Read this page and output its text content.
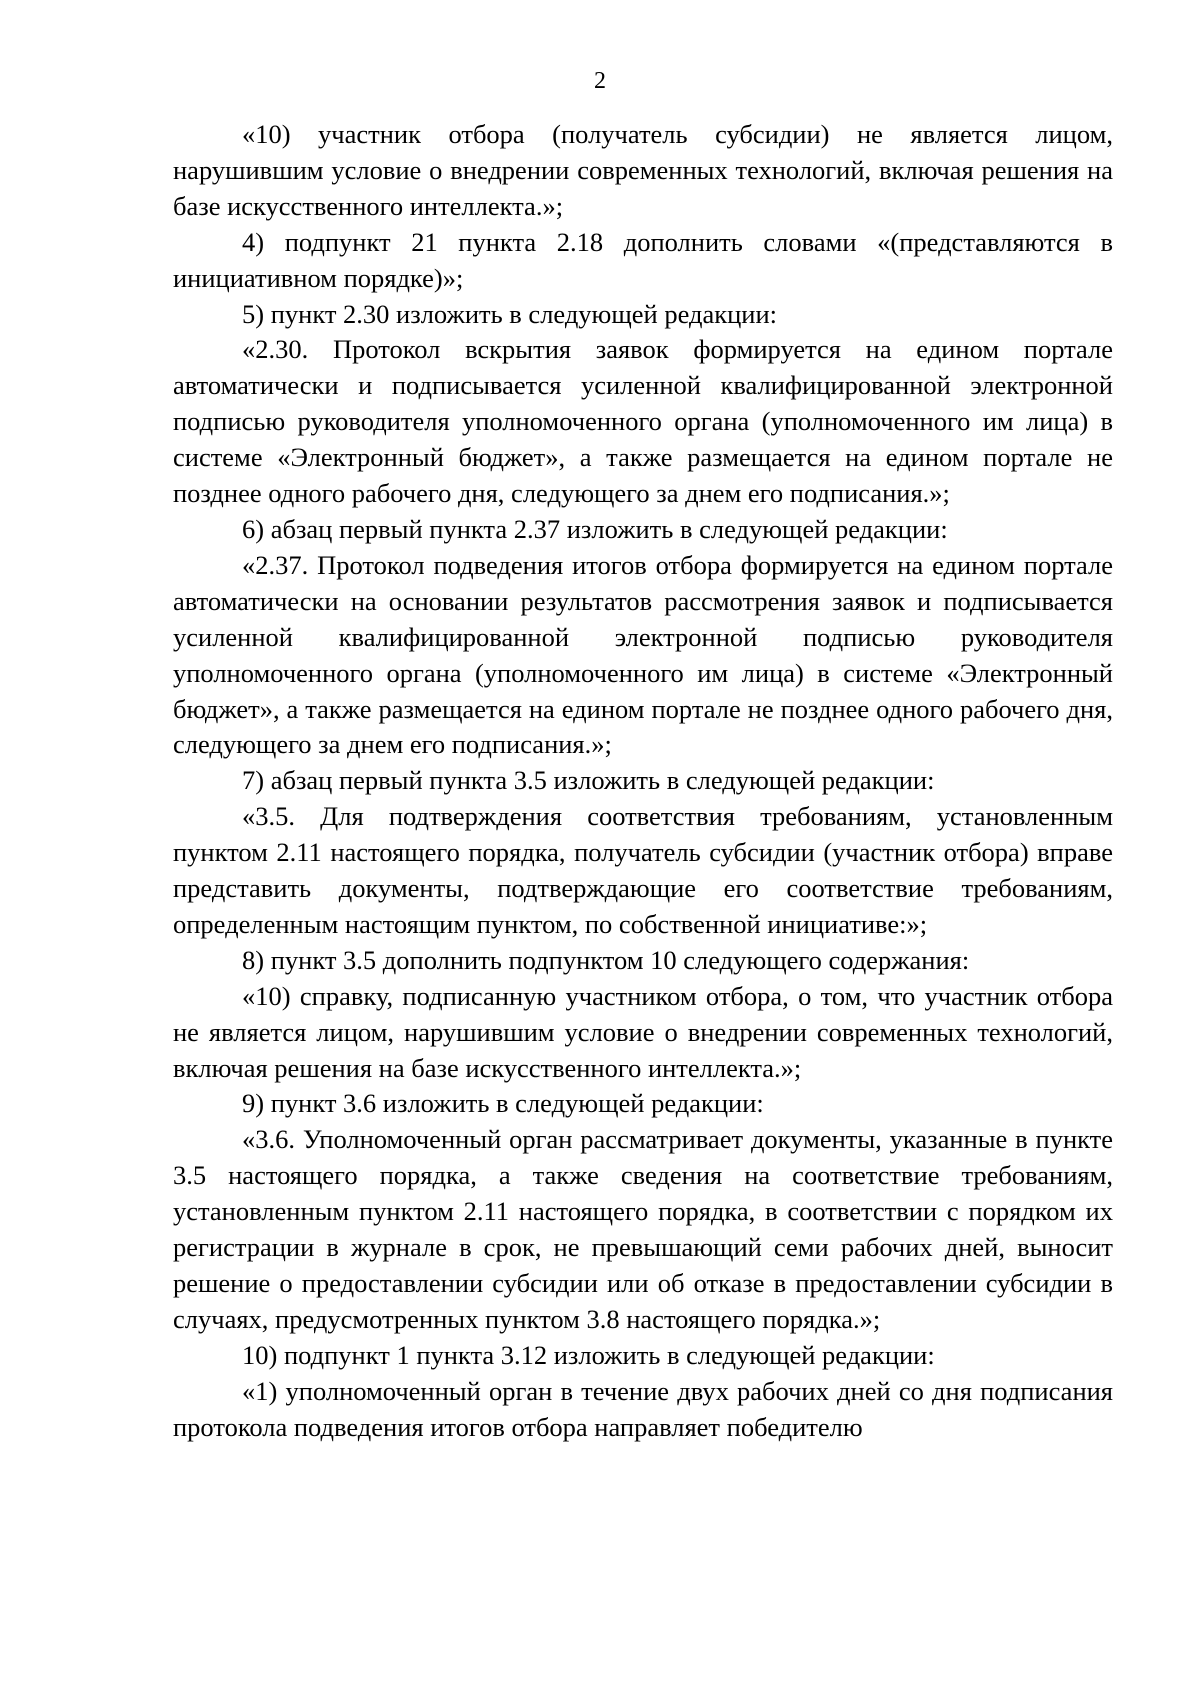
2

«10) участник отбора (получатель субсидии) не является лицом, нарушившим условие о внедрении современных технологий, включая решения на базе искусственного интеллекта.»;

4) подпункт 21 пункта 2.18 дополнить словами «(представляются в инициативном порядке)»;

5) пункт 2.30 изложить в следующей редакции:

«2.30. Протокол вскрытия заявок формируется на едином портале автоматически и подписывается усиленной квалифицированной электронной подписью руководителя уполномоченного органа (уполномоченного им лица) в системе «Электронный бюджет», а также размещается на едином портале не позднее одного рабочего дня, следующего за днем его подписания.»;

6) абзац первый пункта 2.37 изложить в следующей редакции:

«2.37. Протокол подведения итогов отбора формируется на едином портале автоматически на основании результатов рассмотрения заявок и подписывается усиленной квалифицированной электронной подписью руководителя уполномоченного органа (уполномоченного им лица) в системе «Электронный бюджет», а также размещается на едином портале не позднее одного рабочего дня, следующего за днем его подписания.»;

7) абзац первый пункта 3.5 изложить в следующей редакции:

«3.5. Для подтверждения соответствия требованиям, установленным пунктом 2.11 настоящего порядка, получатель субсидии (участник отбора) вправе представить документы, подтверждающие его соответствие требованиям, определенным настоящим пунктом, по собственной инициативе:»;

8) пункт 3.5 дополнить подпунктом 10 следующего содержания:

«10) справку, подписанную участником отбора, о том, что участник отбора не является лицом, нарушившим условие о внедрении современных технологий, включая решения на базе искусственного интеллекта.»;

9) пункт 3.6 изложить в следующей редакции:

«3.6. Уполномоченный орган рассматривает документы, указанные в пункте 3.5 настоящего порядка, а также сведения на соответствие требованиям, установленным пунктом 2.11 настоящего порядка, в соответствии с порядком их регистрации в журнале в срок, не превышающий семи рабочих дней, выносит решение о предоставлении субсидии или об отказе в предоставлении субсидии в случаях, предусмотренных пунктом 3.8 настоящего порядка.»;

10) подпункт 1 пункта 3.12 изложить в следующей редакции:

«1) уполномоченный орган в течение двух рабочих дней со дня подписания протокола подведения итогов отбора направляет победителю
